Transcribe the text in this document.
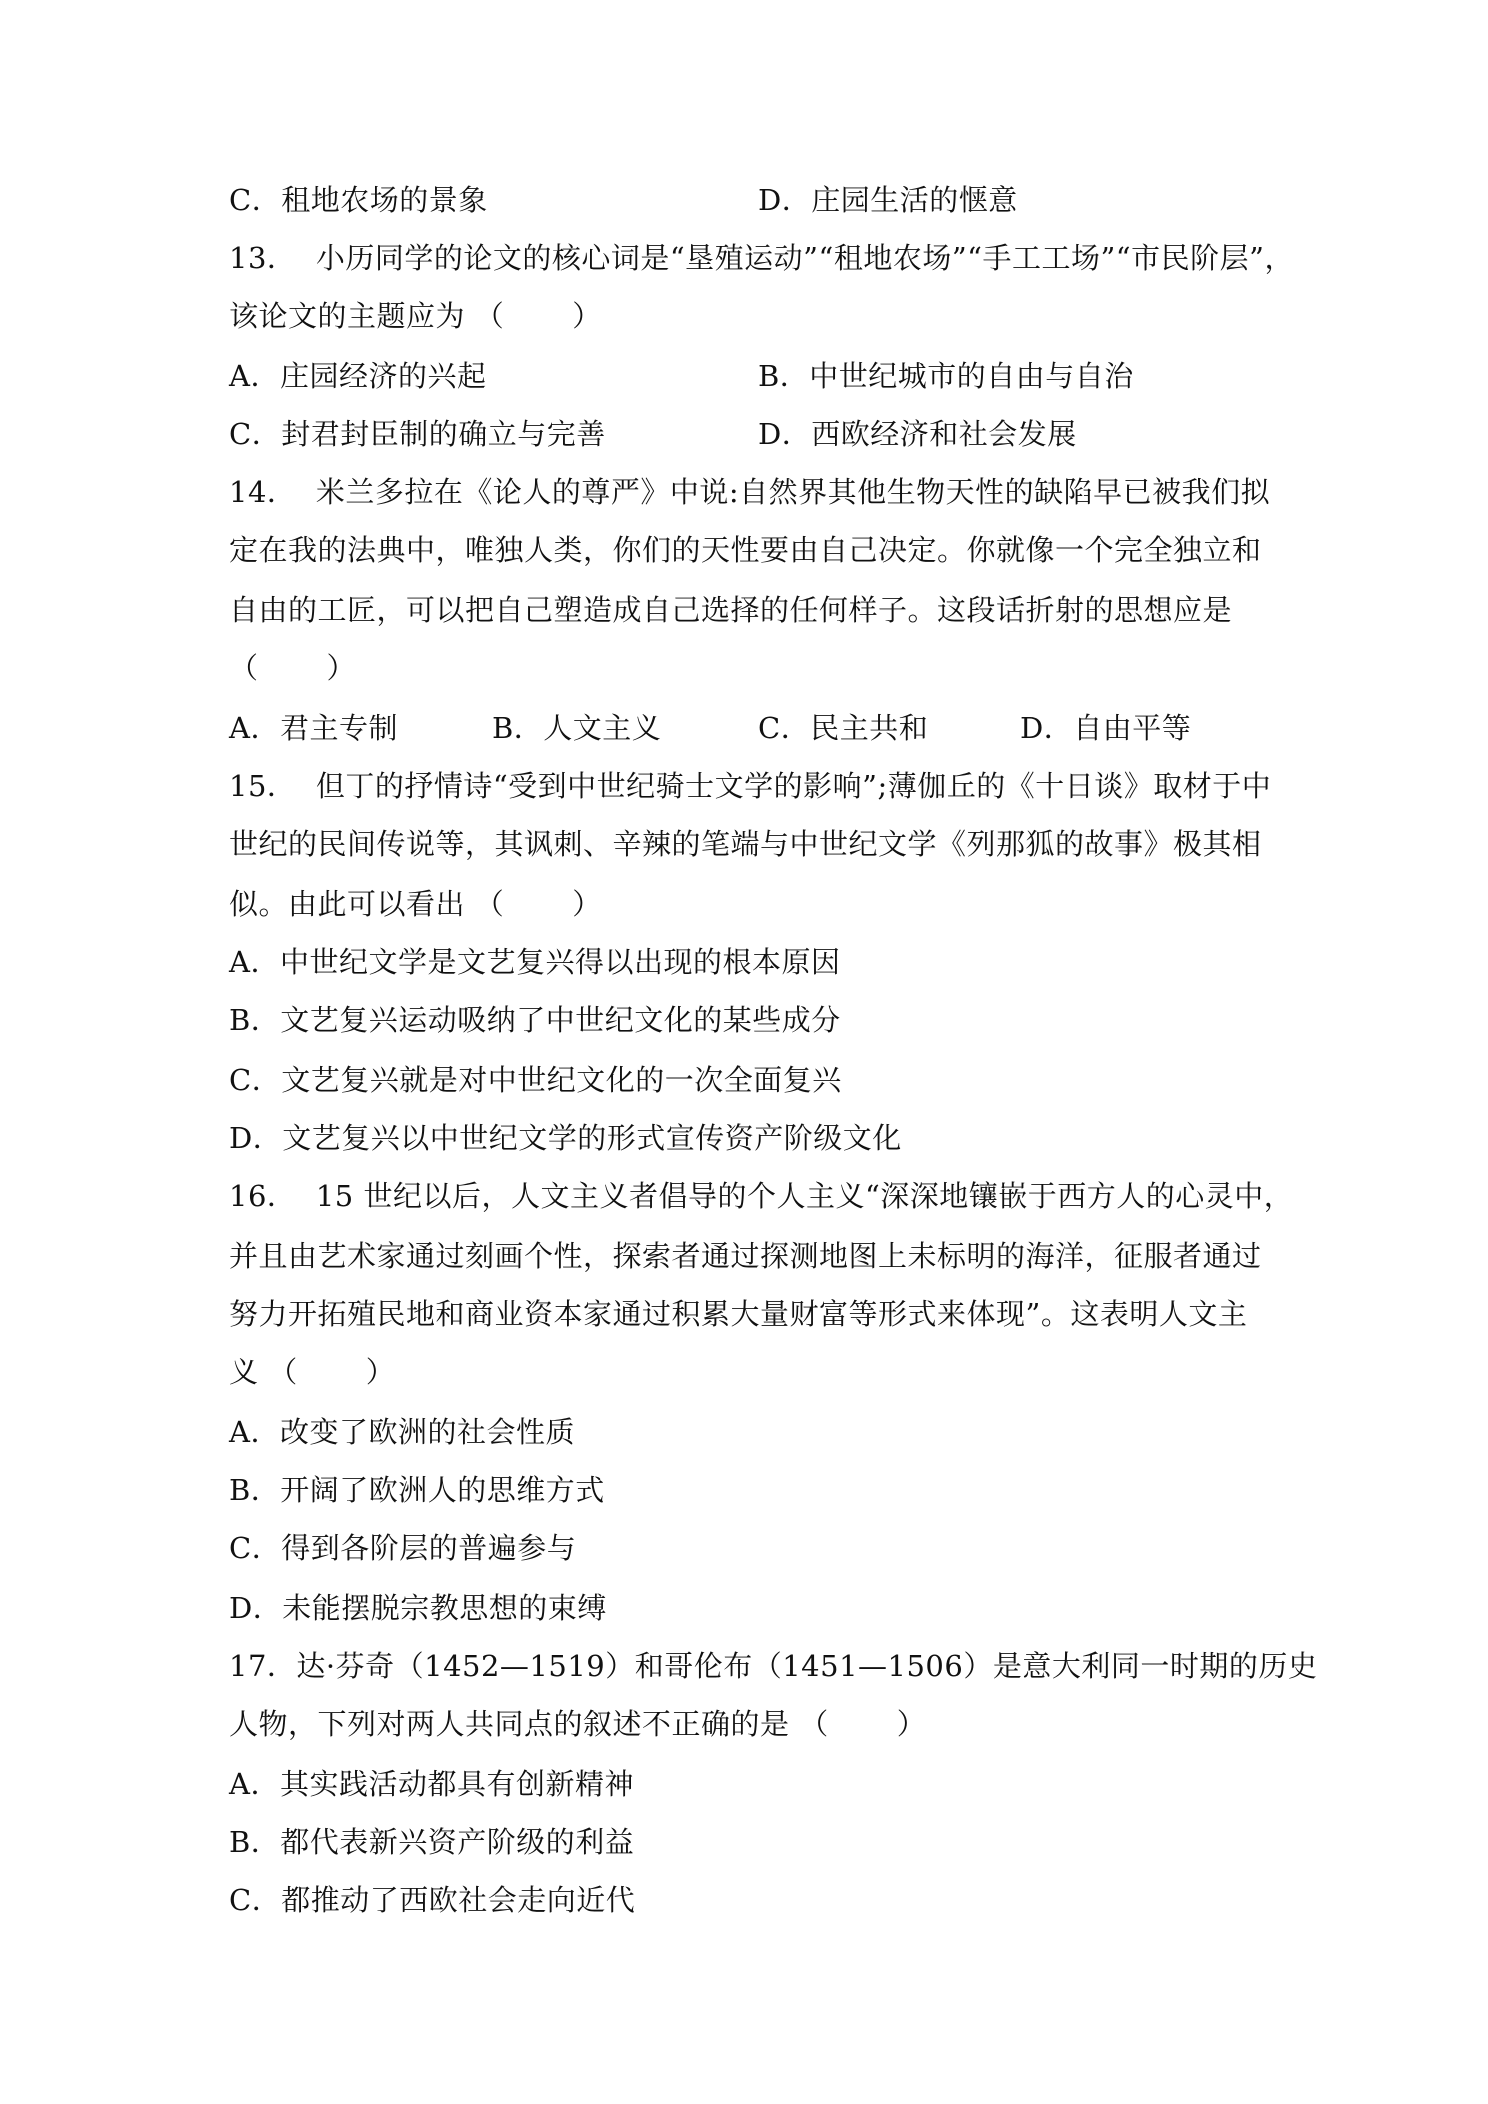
C．租地农场的景象	D．庄园生活的惬意
13．  小历同学的论文的核心词是“垦殖运动”“租地农场”“手工工场”“市民阶层”，
该论文的主题应为 （       ）
A．庄园经济的兴起	B．中世纪城市的自由与自治
C．封君封臣制的确立与完善	D．西欧经济和社会发展
14．  米兰多拉在《论人的尊严》中说:自然界其他生物天性的缺陷早已被我们拟
定在我的法典中，唯独人类，你们的天性要由自己决定。你就像一个完全独立和
自由的工匠，可以把自己塑造成自己选择的任何样子。这段话折射的思想应是
（       ）
A．君主专制	B．人文主义	C．民主共和	D．自由平等
15．  但丁的抒情诗“受到中世纪骑士文学的影响”;薄伽丘的《十日谈》取材于中
世纪的民间传说等，其讽刺、辛辣的笔端与中世纪文学《列那狐的故事》极其相
似。由此可以看出 （       ）
A．中世纪文学是文艺复兴得以出现的根本原因
B．文艺复兴运动吸纳了中世纪文化的某些成分
C．文艺复兴就是对中世纪文化的一次全面复兴
D．文艺复兴以中世纪文学的形式宣传资产阶级文化
16．  15 世纪以后，人文主义者倡导的个人主义“深深地镶嵌于西方人的心灵中，
并且由艺术家通过刻画个性，探索者通过探测地图上未标明的海洋，征服者通过
努力开拓殖民地和商业资本家通过积累大量财富等形式来体现”。这表明人文主
义 （       ）
A．改变了欧洲的社会性质
B．开阔了欧洲人的思维方式
C．得到各阶层的普遍参与
D．未能摆脱宗教思想的束缚
17．达·芬奇（1452—1519）和哥伦布（1451—1506）是意大利同一时期的历史
人物，下列对两人共同点的叙述不正确的是 （       ）
A．其实践活动都具有创新精神
B．都代表新兴资产阶级的利益
C．都推动了西欧社会走向近代
